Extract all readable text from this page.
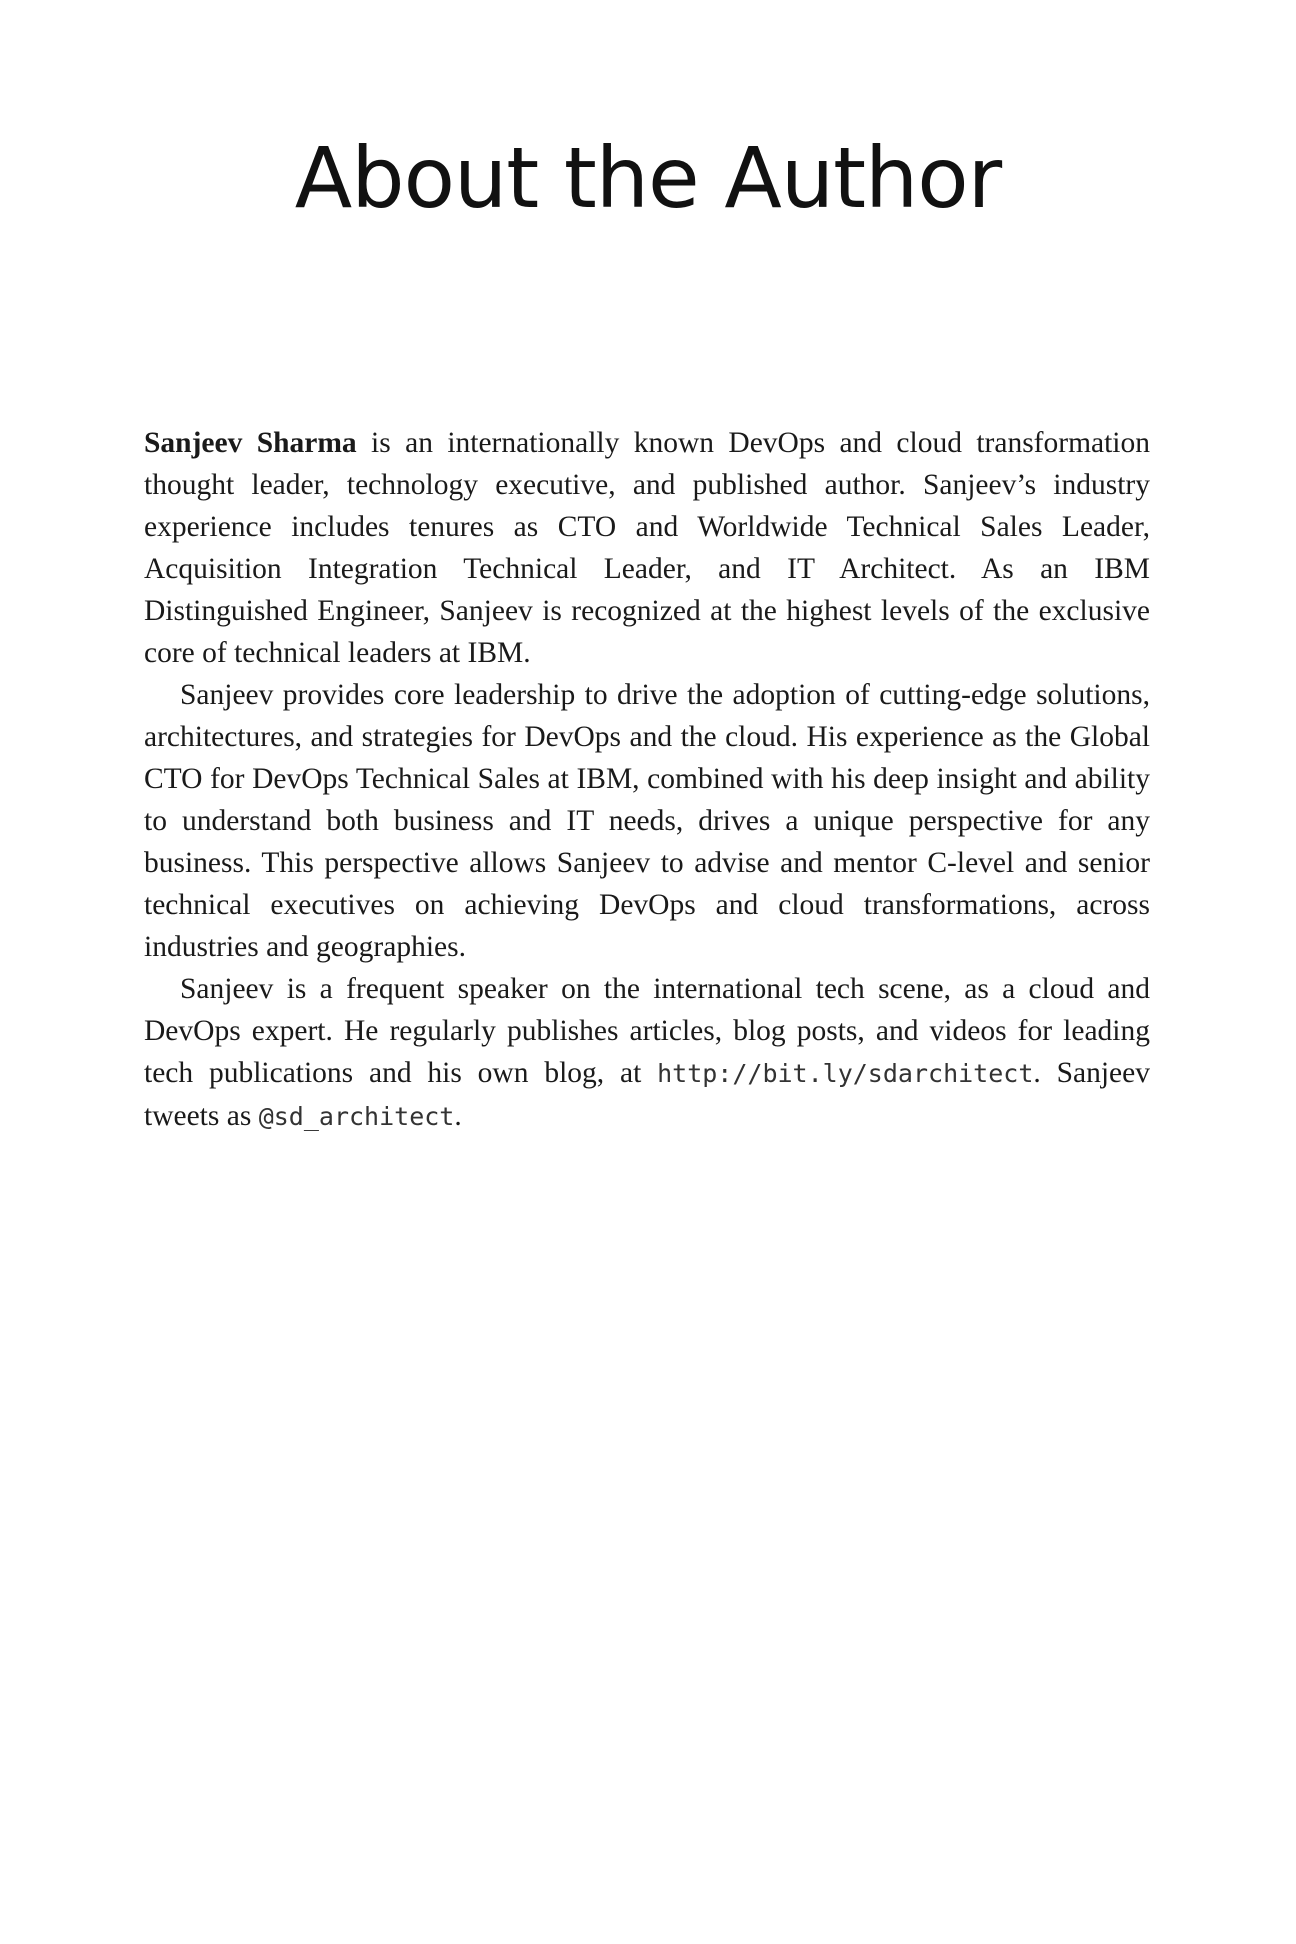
About the Author

Sanjeev Sharma is an internationally known DevOps and cloud transformation thought leader, technology executive, and published author. Sanjeev’s industry experience includes tenures as CTO and Worldwide Technical Sales Leader, Acquisition Integration Technical Leader, and IT Architect. As an IBM Distinguished Engineer, Sanjeev is recognized at the highest levels of the exclusive core of technical leaders at IBM.

Sanjeev provides core leadership to drive the adoption of cutting-edge solutions, architectures, and strategies for DevOps and the cloud. His experience as the Global CTO for DevOps Technical Sales at IBM, combined with his deep insight and ability to understand both business and IT needs, drives a unique perspective for any business. This perspective allows Sanjeev to advise and mentor C-level and senior technical executives on achieving DevOps and cloud transformations, across industries and geographies.

Sanjeev is a frequent speaker on the international tech scene, as a cloud and DevOps expert. He regularly publishes articles, blog posts, and videos for leading tech publications and his own blog, at http://bit.ly/sdarchitect. Sanjeev tweets as @sd_architect.
